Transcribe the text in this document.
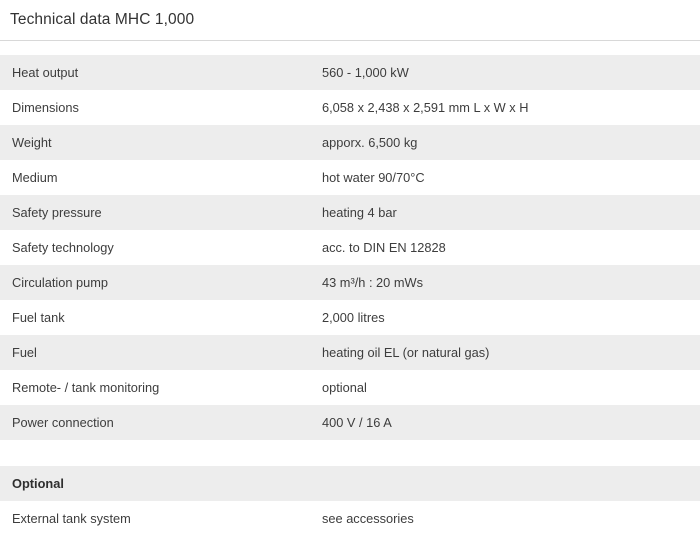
Technical data MHC 1,000
Heat output	560 - 1,000 kW
Dimensions	6,058 x 2,438 x 2,591 mm L x W x H
Weight	apporx. 6,500 kg
Medium	hot water 90/70°C
Safety pressure	heating 4 bar
Safety technology	acc. to DIN EN 12828
Circulation pump	43 m³/h : 20 mWs
Fuel tank	2,000 litres
Fuel	heating oil EL (or natural gas)
Remote- / tank monitoring	optional
Power connection	400 V / 16 A
Optional	
External tank system	see accessories
